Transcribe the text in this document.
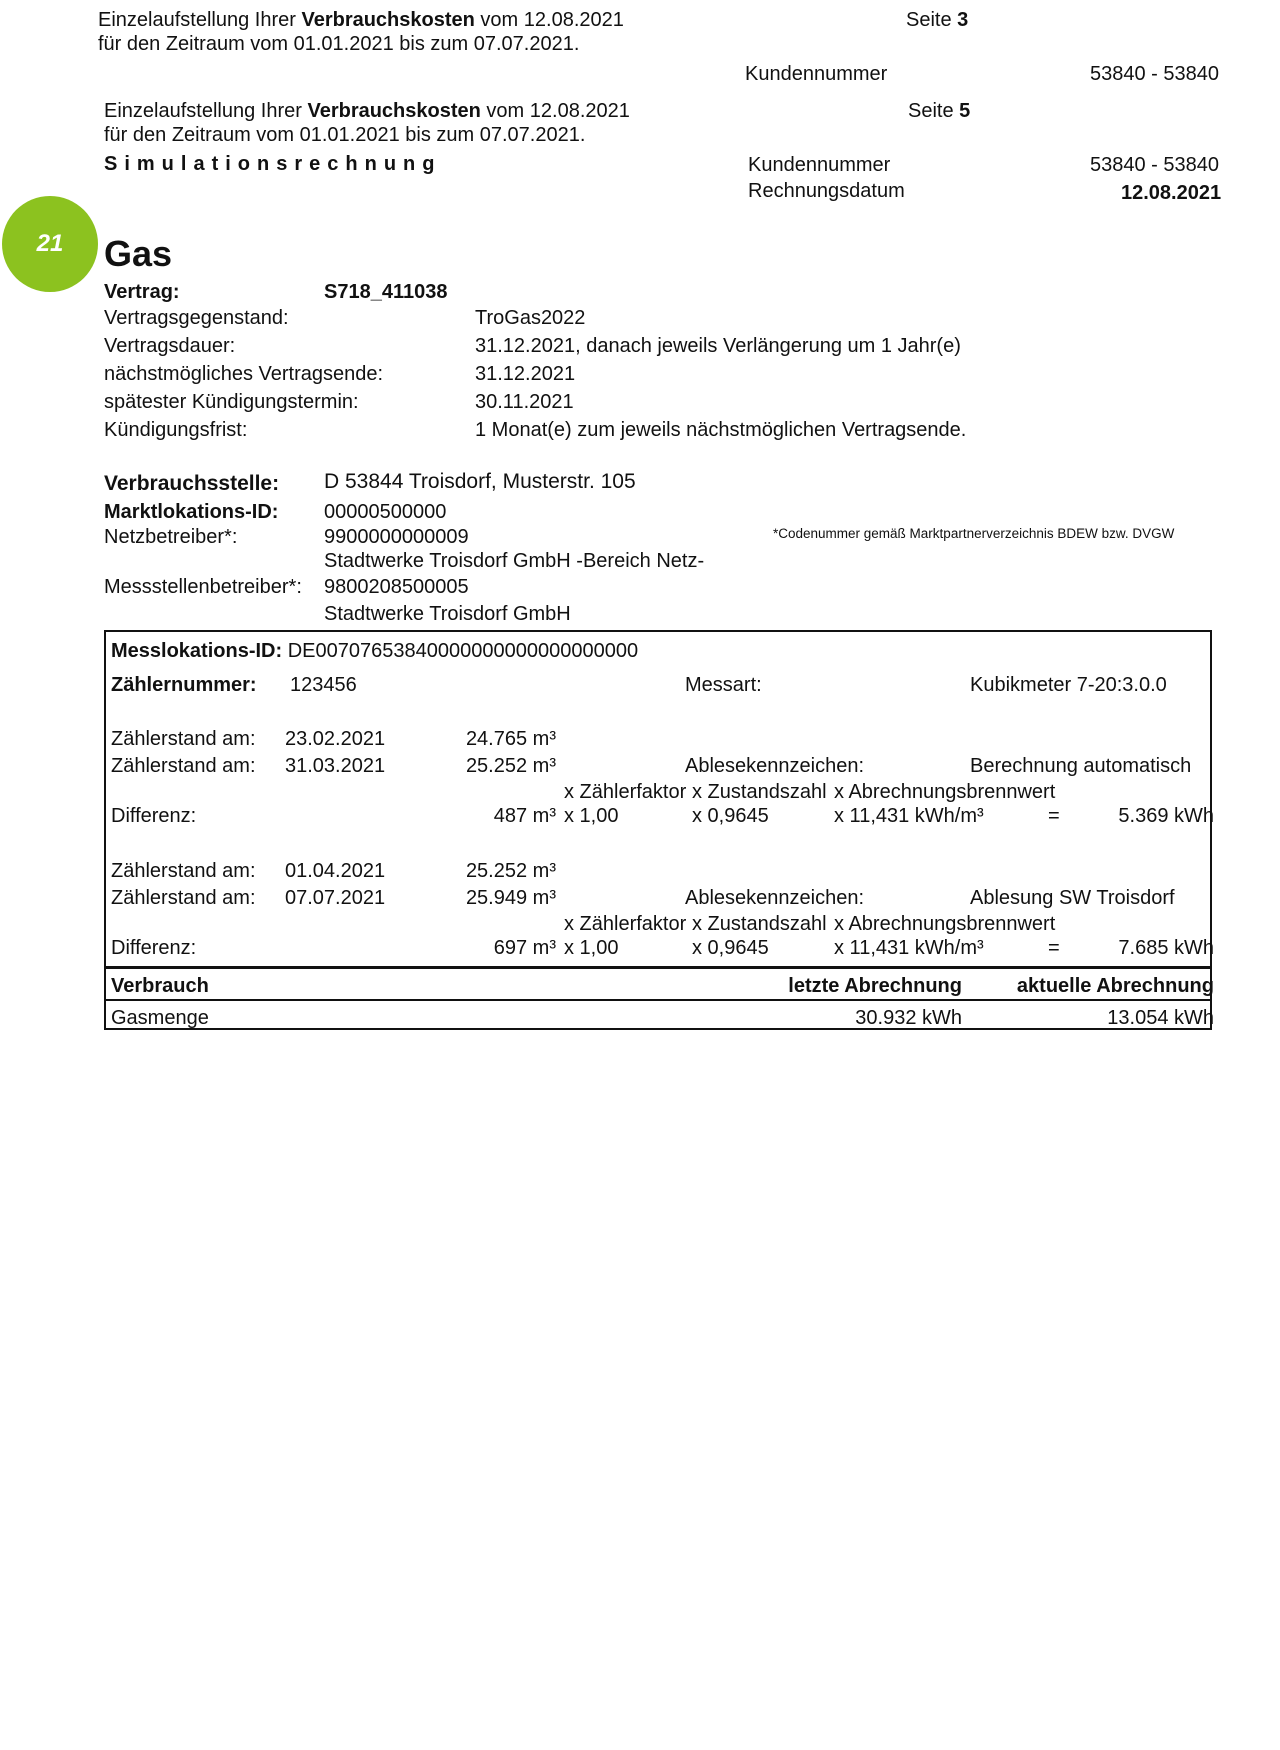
Einzelaufstellung Ihrer Verbrauchskosten vom 12.08.2021
für den Zeitraum vom 01.01.2021 bis zum 07.07.2021.
Seite 3
Kundennummer	53840 - 53840
Einzelaufstellung Ihrer Verbrauchskosten vom 12.08.2021
für den Zeitraum vom 01.01.2021 bis zum 07.07.2021.
Simulationsrechnung
Seite 5
Kundennummer	53840 - 53840
Rechnungsdatum	12.08.2021
21 Gas
Vertrag:	S718_411038
Vertragsgegenstand:	TroGas2022
Vertragsdauer:	31.12.2021, danach jeweils Verlängerung um 1 Jahr(e)
nächstmögliches Vertragsende:	31.12.2021
spätester Kündigungstermin:	30.11.2021
Kündigungsfrist:	1 Monat(e) zum jeweils nächstmöglichen Vertragsende.
Verbrauchsstelle: D 53844 Troisdorf, Musterstr. 105
Marktlokations-ID: 00000500000
Netzbetreiber*:	9900000000009	*Codenummer gemäß Marktpartnerverzeichnis BDEW bzw. DVGW
Stadtwerke Troisdorf GmbH -Bereich Netz-
Messstellenbetreiber*: 9800208500005
Stadtwerke Troisdorf GmbH
Messlokations-ID: DE00707653840000000000000000000
Zählernummer: 123456	Messart:	Kubikmeter 7-20:3.0.0
Zählerstand am: 23.02.2021	24.765 m³
Zählerstand am: 31.03.2021	25.252 m³	Ablesekennzeichen:	Berechnung automatisch
x Zählerfaktor x Zustandszahl x Abrechnungsbrennwert
Differenz:	487 m³ x 1,00	x 0,9645	x 11,431 kWh/m³	=	5.369 kWh
Zählerstand am: 01.04.2021	25.252 m³
Zählerstand am: 07.07.2021	25.949 m³	Ablesekennzeichen:	Ablesung SW Troisdorf
x Zählerfaktor x Zustandszahl x Abrechnungsbrennwert
Differenz:	697 m³ x 1,00	x 0,9645	x 11,431 kWh/m³	=	7.685 kWh
Verbrauch	letzte Abrechnung	aktuelle Abrechnung
Gasmenge	30.932 kWh	13.054 kWh
